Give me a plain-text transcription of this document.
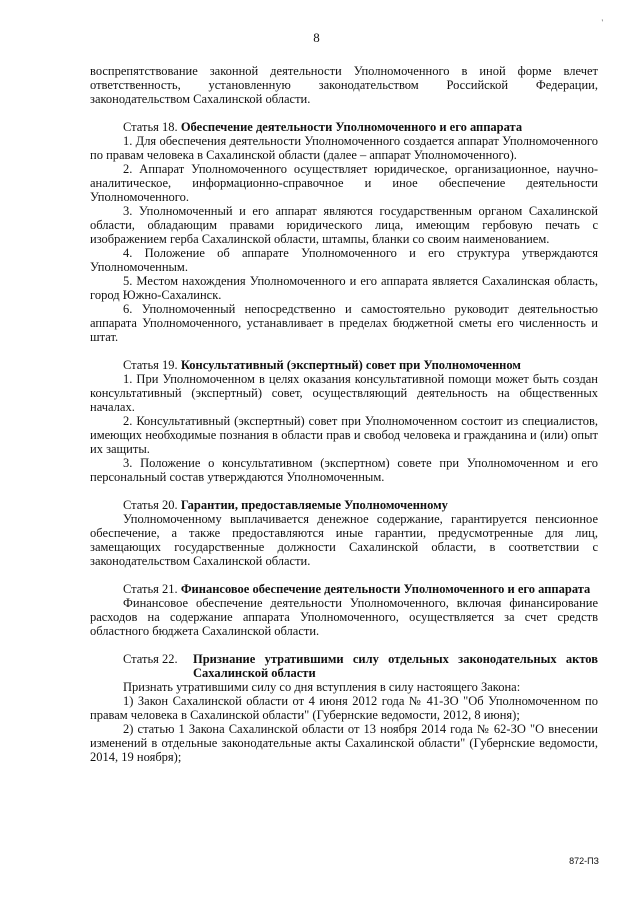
'
8

воспрепятствование законной деятельности Уполномоченного в иной форме влечет ответственность, установленную законодательством Российской Федерации, законодательством Сахалинской области.

Статья 18. Обеспечение деятельности Уполномоченного и его аппарата

1. Для обеспечения деятельности Уполномоченного создается аппарат Уполномоченного по правам человека в Сахалинской области (далее – аппарат Уполномоченного).

2. Аппарат Уполномоченного осуществляет юридическое, организационное, научно-аналитическое, информационно-справочное и иное обеспечение деятельности Уполномоченного.

3. Уполномоченный и его аппарат являются государственным органом Сахалинской области, обладающим правами юридического лица, имеющим гербовую печать с изображением герба Сахалинской области, штампы, бланки со своим наименованием.

4. Положение об аппарате Уполномоченного и его структура утверждаются Уполномоченным.

5. Местом нахождения Уполномоченного и его аппарата является Сахалинская область, город Южно-Сахалинск.

6. Уполномоченный непосредственно и самостоятельно руководит деятельностью аппарата Уполномоченного, устанавливает в пределах бюджетной сметы его численность и штат.

Статья 19. Консультативный (экспертный) совет при Уполномоченном

1. При Уполномоченном в целях оказания консультативной помощи может быть создан консультативный (экспертный) совет, осуществляющий деятельность на общественных началах.

2. Консультативный (экспертный) совет при Уполномоченном состоит из специалистов, имеющих необходимые познания в области прав и свобод человека и гражданина и (или) опыт их защиты.

3. Положение о консультативном (экспертном) совете при Уполномоченном и его персональный состав утверждаются Уполномоченным.

Статья 20. Гарантии, предоставляемые Уполномоченному

Уполномоченному выплачивается денежное содержание, гарантируется пенсионное обеспечение, а также предоставляются иные гарантии, предусмотренные для лиц, замещающих государственные должности Сахалинской области, в соответствии с законодательством Сахалинской области.

Статья 21. Финансовое обеспечение деятельности Уполномоченного и его аппарата

Финансовое обеспечение деятельности Уполномоченного, включая финансирование расходов на содержание аппарата Уполномоченного, осуществляется за счет средств областного бюджета Сахалинской области.

Статья 22.	Признание утратившими силу отдельных законодательных актов Сахалинской области

Признать утратившими силу со дня вступления в силу настоящего Закона:

1) Закон Сахалинской области от 4 июня 2012 года № 41-ЗО "Об Уполномоченном по правам человека в Сахалинской области" (Губернские ведомости, 2012, 8 июня);

2) статью 1 Закона Сахалинской области от 13 ноября 2014 года № 62-ЗО "О внесении изменений в отдельные законодательные акты Сахалинской области" (Губернские ведомости, 2014, 19 ноября);

872-ПЗ
